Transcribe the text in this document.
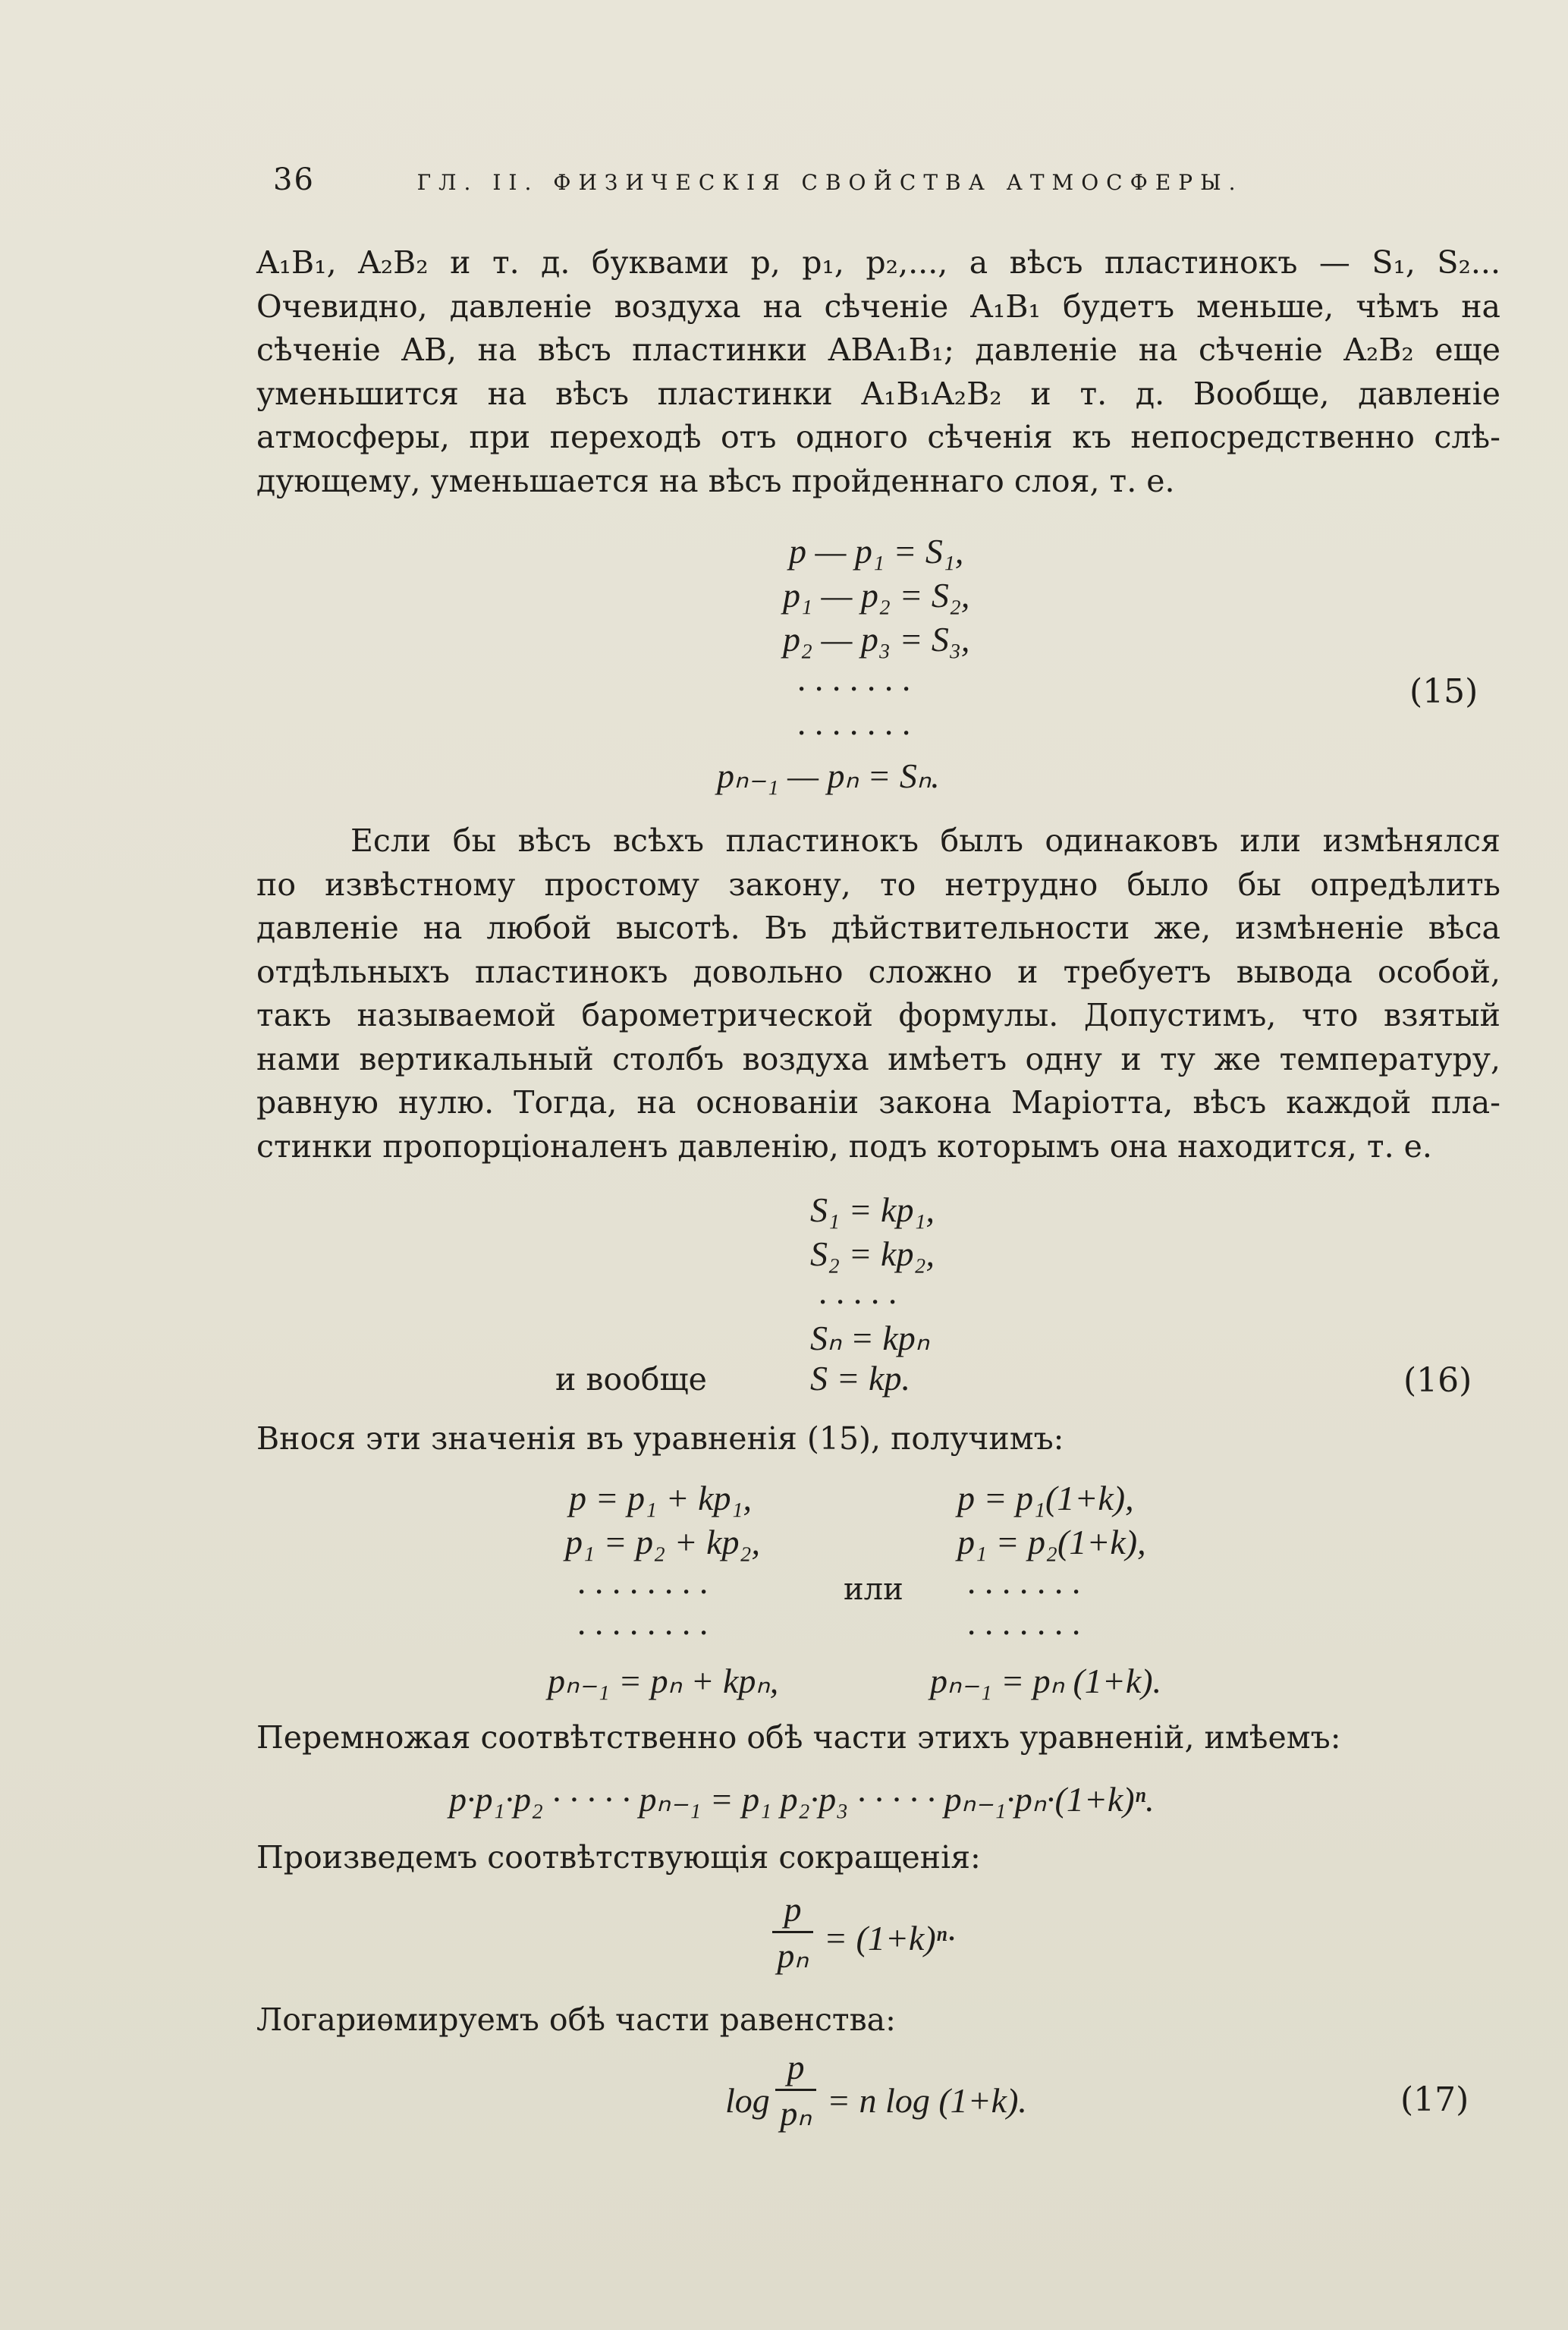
36	ГЛ. II. ФИЗИЧЕСКІЯ СВОЙСТВА АТМОСФЕРЫ.
A₁B₁, A₂B₂ и т. д. буквами p, p₁, p₂,..., а вѣсъ пластинокъ — S₁, S₂...
Очевидно, давленіе воздуха на сѣченіе A₁B₁ будетъ меньше, чѣмъ на
сѣченіе AB, на вѣсъ пластинки ABA₁B₁; давленіе на сѣченіе A₂B₂ еще
уменьшится на вѣсъ пластинки A₁B₁A₂B₂ и т. д. Вообще, давленіе
атмосферы, при переходѣ отъ одного сѣченія къ непосредственно слѣ-
дующему, уменьшается на вѣсъ пройденнаго слоя, т. е.
p — p₁ = S₁,
p₁ — p₂ = S₂,
p₂ — p₃ = S₃,
. . . . . . .
. . . . . . .
pₙ₋₁ — pₙ = Sₙ.
(15)
Если бы вѣсъ всѣхъ пластинокъ былъ одинаковъ или измѣнялся
по извѣстному простому закону, то нетрудно было бы опредѣлить
давленіе на любой высотѣ. Въ дѣйствительности же, измѣненіе вѣса
отдѣльныхъ пластинокъ довольно сложно и требуетъ вывода особой,
такъ называемой барометрической формулы. Допустимъ, что взятый
нами вертикальный столбъ воздуха имѣетъ одну и ту же температуру,
равную нулю. Тогда, на основаніи закона Маріотта, вѣсъ каждой пла-
стинки пропорціоналенъ давленію, подъ которымъ она находится, т. е.
S₁ = kp₁,
S₂ = kp₂,
. . . . .
Sₙ = kpₙ
и вообще	S = kp.	(16)
Внося эти значенія въ уравненія (15), получимъ:
p = p₁ + kp₁,
p₁ = p₂ + kp₂,
. . . . . . . .
. . . . . . . .
pₙ₋₁ = pₙ + kpₙ,
или
p = p₁(1+k),
p₁ = p₂(1+k),
. . . . . . .
. . . . . . .
pₙ₋₁ = pₙ (1+k).
Перемножая соотвѣтственно обѣ части этихъ уравненій, имѣемъ:
p·p₁·p₂ · · · · · pₙ₋₁ = p₁ p₂·p₃ · · · · · pₙ₋₁·pₙ·(1+k)ⁿ.
Произведемъ соотвѣтствующія сокращенія:
p
pₙ = (1+k)ⁿ·
Логариѳмируемъ обѣ части равенства:
log
p
pₙ = n log (1+k).	(17)
